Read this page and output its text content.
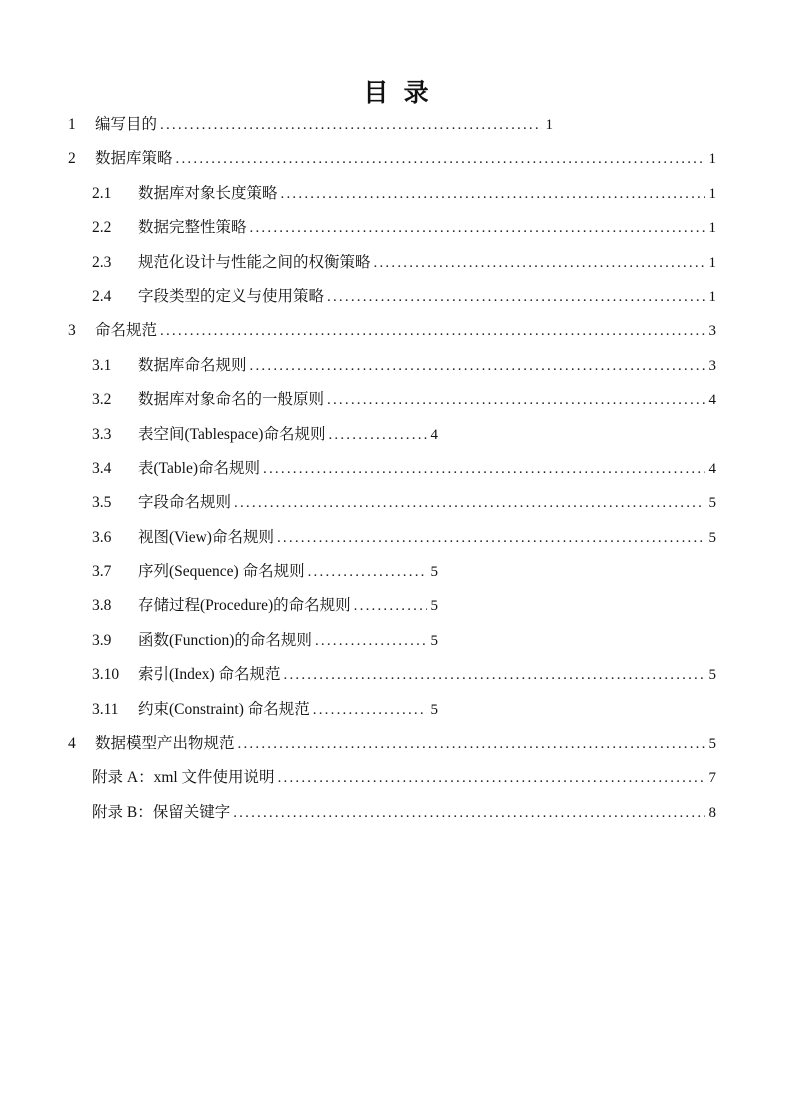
目 录
1	编写目的 .....	1
2	数据库策略 .....	1
2.1	数据库对象长度策略 .....	1
2.2	数据完整性策略 .....	1
2.3	规范化设计与性能之间的权衡策略 .....	1
2.4	字段类型的定义与使用策略 .....	1
3	命名规范 .....	3
3.1	数据库命名规则 .....	3
3.2	数据库对象命名的一般原则 .....	4
3.3	表空间(Tablespace)命名规则 .....	4
3.4	表(Table)命名规则 .....	4
3.5	字段命名规则 .....	5
3.6	视图(View)命名规则 .....	5
3.7	序列(Sequence) 命名规则 .....	5
3.8	存储过程(Procedure)的命名规则 .....	5
3.9	函数(Function)的命名规则 .....	5
3.10	索引(Index) 命名规范 .....	5
3.11	约束(Constraint) 命名规范 .....	5
4	数据模型产出物规范 .....	5
附录 A：xml 文件使用说明 .....	7
附录 B：保留关键字 .....	8
